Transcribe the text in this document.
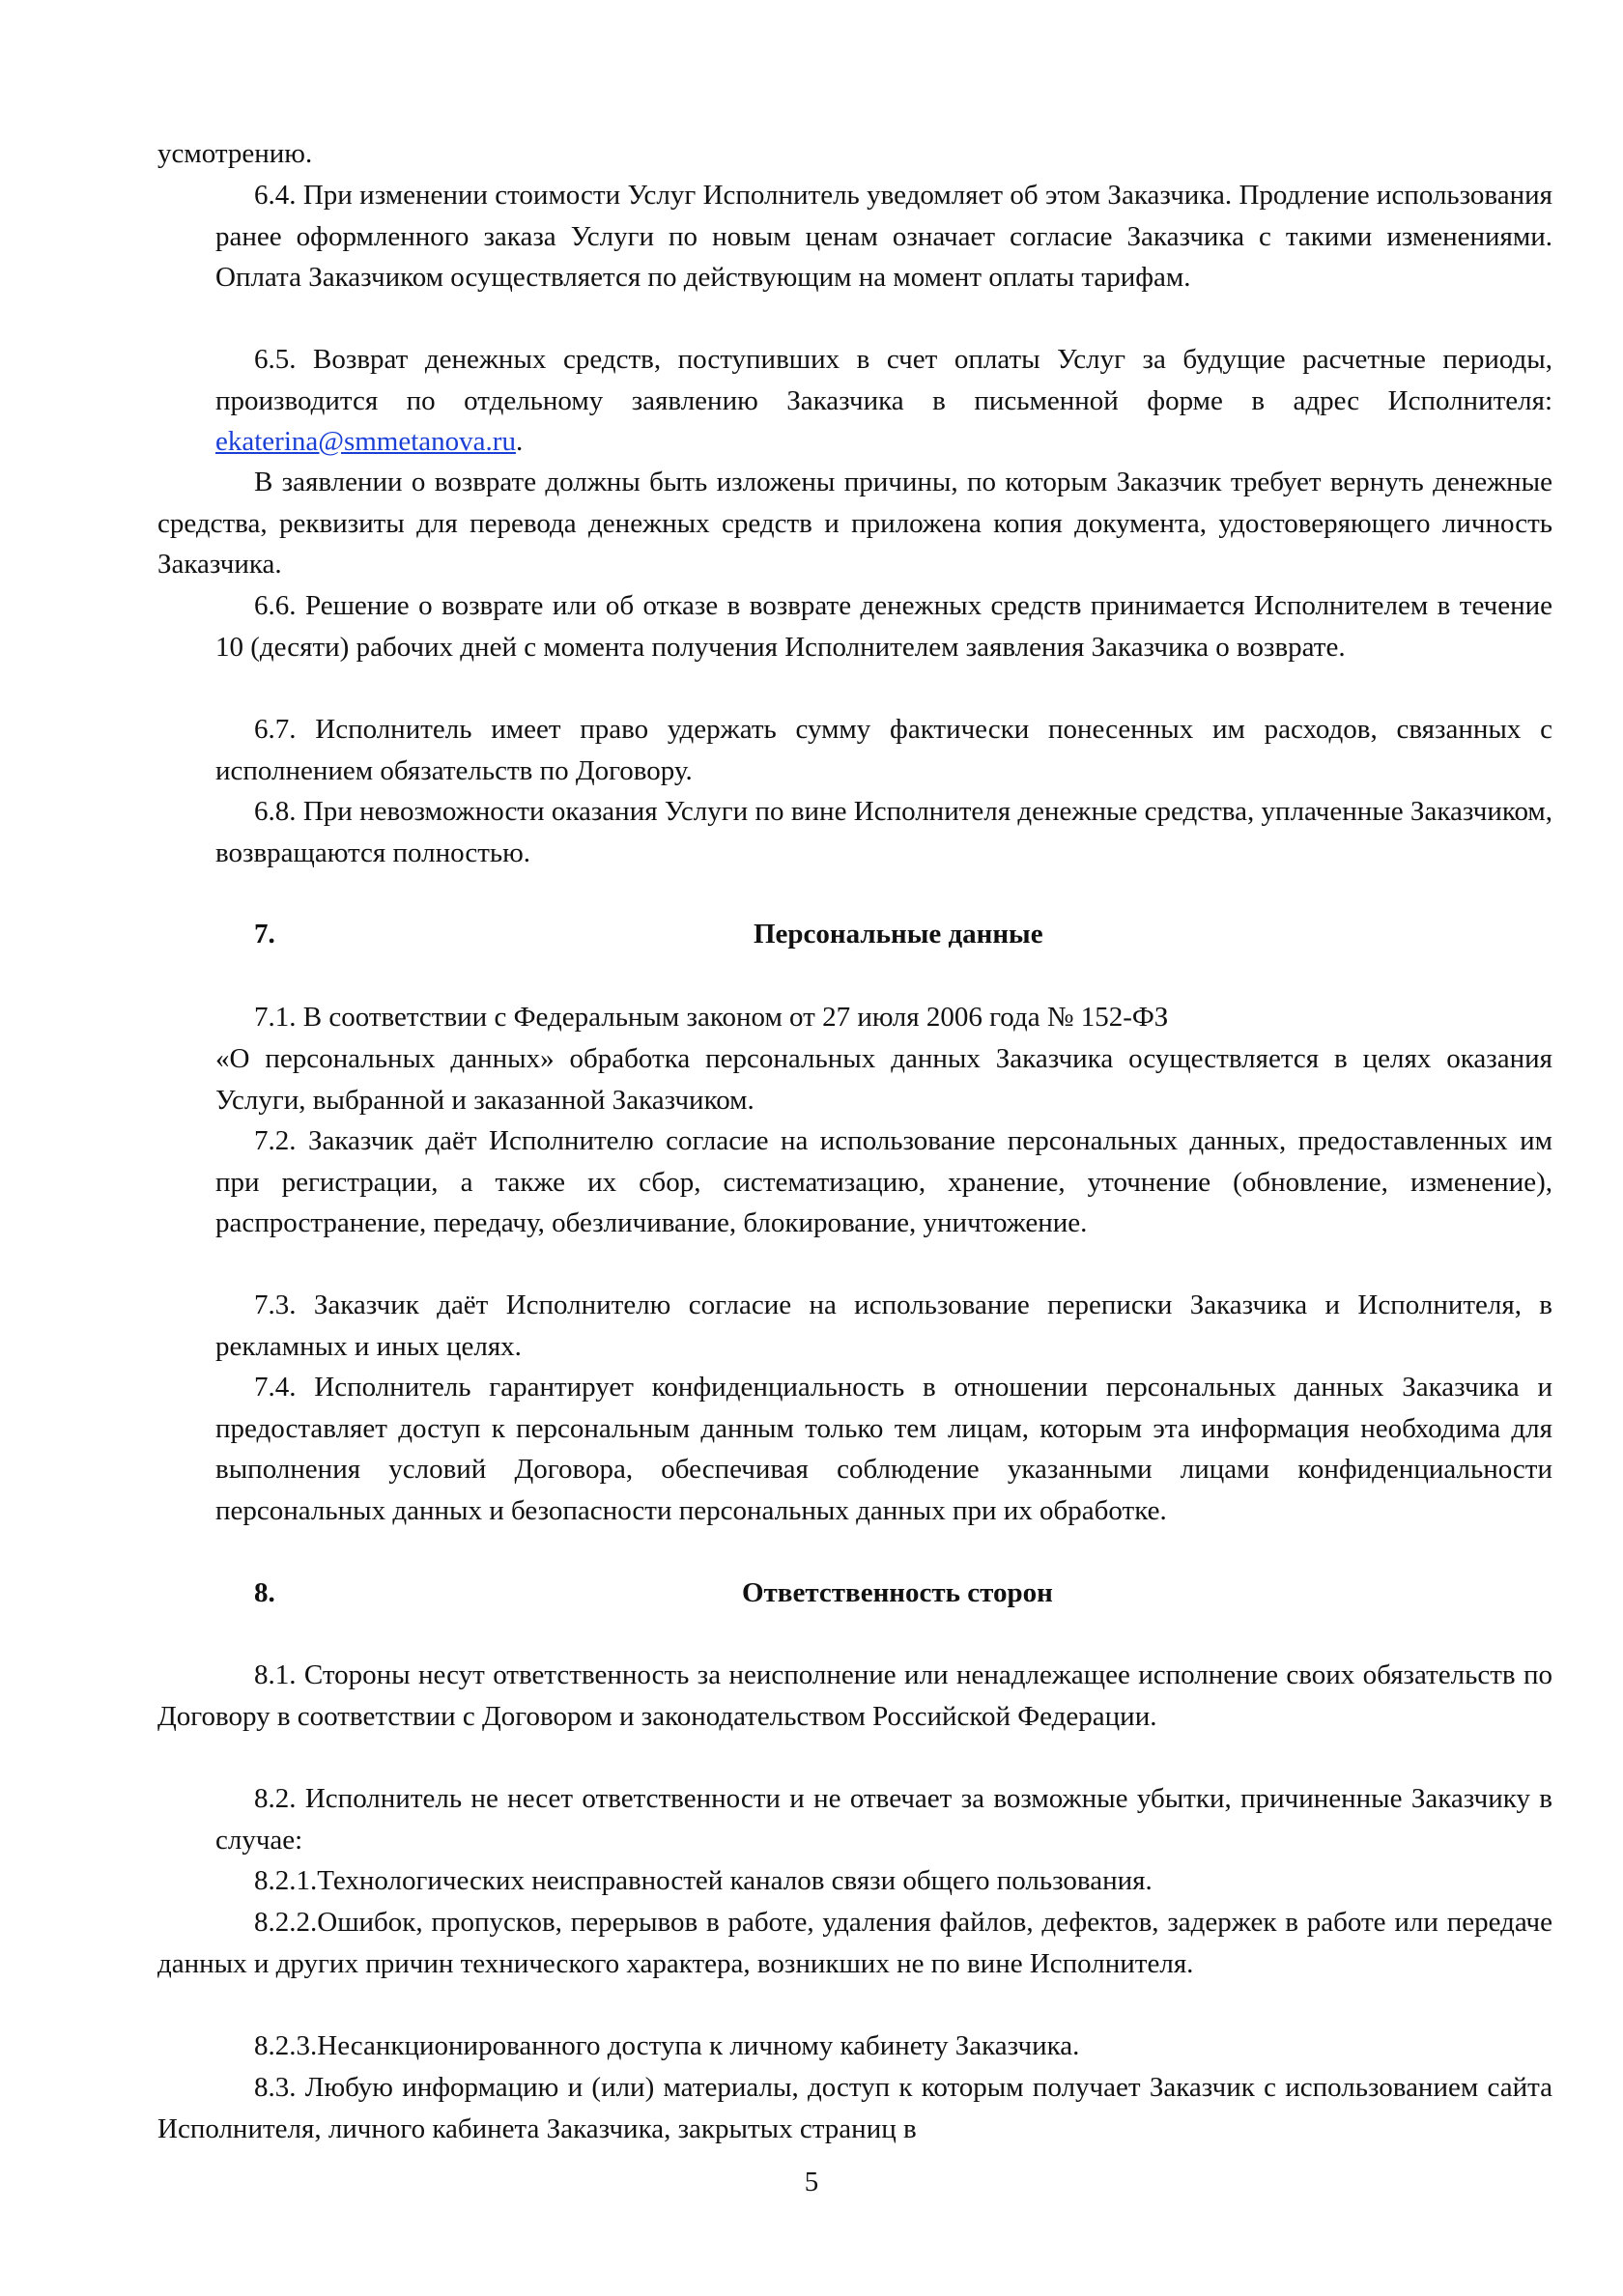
усмотрению.

6.4. При изменении стоимости Услуг Исполнитель уведомляет об этом Заказчика. Продление использования ранее оформленного заказа Услуги по новым ценам означает согласие Заказчика с такими изменениями. Оплата Заказчиком осуществляется по действующим на момент оплаты тарифам.

6.5. Возврат денежных средств, поступивших в счет оплаты Услуг за будущие расчетные периоды, производится по отдельному заявлению Заказчика в письменной форме в адрес Исполнителя: ekaterina@smmetanova.ru.

В заявлении о возврате должны быть изложены причины, по которым Заказчик требует вернуть денежные средства, реквизиты для перевода денежных средств и приложена копия документа, удостоверяющего личность Заказчика.

6.6. Решение о возврате или об отказе в возврате денежных средств принимается Исполнителем в течение 10 (десяти) рабочих дней с момента получения Исполнителем заявления Заказчика о возврате.

6.7. Исполнитель имеет право удержать сумму фактически понесенных им расходов, связанных с исполнением обязательств по Договору.

6.8. При невозможности оказания Услуги по вине Исполнителя денежные средства, уплаченные Заказчиком, возвращаются полностью.

7.	Персональные данные

7.1. В соответствии с Федеральным законом от 27 июля 2006 года № 152-ФЗ

«О персональных данных» обработка персональных данных Заказчика осуществляется в целях оказания Услуги, выбранной и заказанной Заказчиком.

7.2. Заказчик даёт Исполнителю согласие на использование персональных данных, предоставленных им при регистрации, а также их сбор, систематизацию, хранение, уточнение (обновление, изменение), распространение, передачу, обезличивание, блокирование, уничтожение.

7.3. Заказчик даёт Исполнителю согласие на использование переписки Заказчика и Исполнителя, в рекламных и иных целях.

7.4. Исполнитель гарантирует конфиденциальность в отношении персональных данных Заказчика и предоставляет доступ к персональным данным только тем лицам, которым эта информация необходима для выполнения условий Договора, обеспечивая соблюдение указанными лицами конфиденциальности персональных данных и безопасности персональных данных при их обработке.

8.	Ответственность сторон

8.1. Стороны несут ответственность за неисполнение или ненадлежащее исполнение своих обязательств по Договору в соответствии с Договором и законодательством Российской Федерации.

8.2. Исполнитель не несет ответственности и не отвечает за возможные убытки, причиненные Заказчику в случае:

8.2.1.Технологических неисправностей каналов связи общего пользования.

8.2.2.Ошибок, пропусков, перерывов в работе, удаления файлов, дефектов, задержек в работе или передаче данных и других причин технического характера, возникших не по вине Исполнителя.

8.2.3.Несанкционированного доступа к личному кабинету Заказчика.

8.3. Любую информацию и (или) материалы, доступ к которым получает Заказчик с использованием сайта Исполнителя, личного кабинета Заказчика, закрытых страниц в

5
